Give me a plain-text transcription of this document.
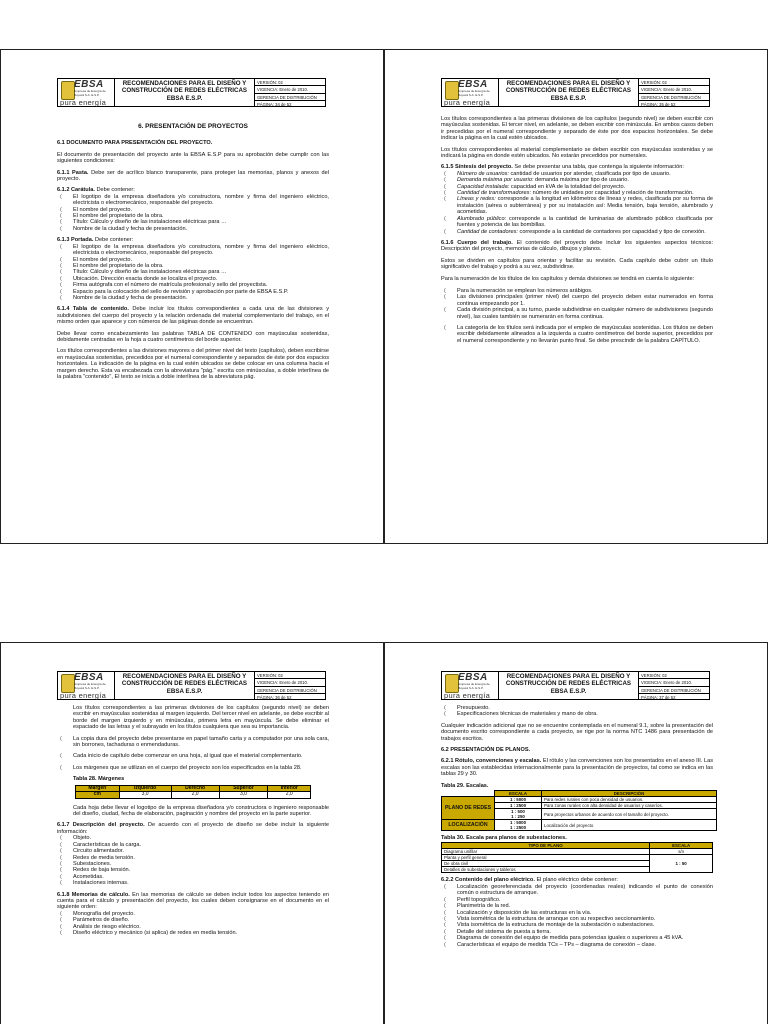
EBSA
Empresa de Energía de Boyacá S.A. E.S.P.
pura energía
RECOMENDACIONES PARA EL DISEÑO Y CONSTRUCCIÓN DE REDES ELÉCTRICAS EBSA E.S.P.
VERSIÓN: 02
VIGENCIA: Enero de 2010.
GERENCIA DE DISTRIBUCIÓN
PÁGINA: 34 de 52
6. PRESENTACIÓN DE PROYECTOS

6.1 DOCUMENTO PARA PRESENTACIÓN DEL PROYECTO.

El documento de presentación del proyecto ante la EBSA E.S.P para su aprobación debe cumplir con las siguientes condiciones:

6.1.1 Pasta. Debe ser de acrílico blanco transparente, para proteger las memorias, planos y anexos del proyecto.

6.1.2 Carátula. Debe contener:

( El logotipo de la empresa diseñadora y/o constructora, nombre y firma del ingeniero eléctrico, electricista o electromecánico, responsable del proyecto.
( El nombre del proyecto.
( El nombre del propietario de la obra.
( Título: Cálculo y diseño de las instalaciones eléctricas para …
( Nombre de la ciudad y fecha de presentación.

6.1.3 Portada. Debe contener:

( El logotipo de la empresa diseñadora y/o constructora, nombre y firma del ingeniero eléctrico, electricista o electromecánico, responsable del proyecto.
( El nombre del proyecto.
( El nombre del propietario de la obra.
( Título: Cálculo y diseño de las instalaciones eléctricas para …
( Ubicación. Dirección exacta donde se localiza el proyecto.
( Firma autógrafa con el número de matrícula profesional y sello del proyectista.
( Espacio para la colocación del sello de revisión y aprobación por parte de EBSA E.S.P.
( Nombre de la ciudad y fecha de presentación.

6.1.4 Tabla de contenido. Debe incluir los títulos correspondientes a cada una de las divisiones y subdivisiones del cuerpo del proyecto y la relación ordenada del material complementario del trabajo, en el mismo orden que aparece y con números de las páginas donde se encuentran.

Debe llevar como encabezamiento las palabras TABLA DE CONTENIDO con mayúsculas sostenidas, debidamente centradas en la hoja a cuatro centímetros del borde superior.

Los títulos correspondientes a las divisiones mayores o del primer nivel del texto (capítulos), deben escribirse en mayúsculas sostenidas, precedidos por el numeral correspondiente y separados de éste por dos espacios horizontales. La indicación de la página en la cual estén ubicados se debe colocar en una columna hacia el margen derecho. Esta va encabezada con la abreviatura "pág." escrita con minúsculas, a doble interlínea de la palabra "contenido", El texto se inicia a doble interlínea de la abreviatura pág.

EBSA
Empresa de Energía de Boyacá S.A. E.S.P.
pura energía
RECOMENDACIONES PARA EL DISEÑO Y CONSTRUCCIÓN DE REDES ELÉCTRICAS EBSA E.S.P.
VERSIÓN: 02
VIGENCIA: Enero de 2010.
GERENCIA DE DISTRIBUCIÓN
PÁGINA: 35 de 52

Los títulos correspondientes a las primeras divisiones de los capítulos (segundo nivel) se deben escribir con mayúsculas sostenidas. El tercer nivel, en adelante, se deben escribir con minúscula. En ambos casos deben ir precedidas por el numeral correspondiente y separado de éste por dos espacios horizontales. Se debe indicar la página en la cual estén ubicados.

Los títulos correspondientes al material complementario se deben escribir con mayúsculas sostenidas y se indicará la página en donde estén ubicados. No estarán precedidos por numerales.

6.1.5 Síntesis del proyecto. Se debe presentar una tabla, que contenga la siguiente información:

( Número de usuarios: cantidad de usuarios por atender, clasificada por tipo de usuario.
( Demanda máxima por usuario: demanda máxima por tipo de usuario.
( Capacidad instalada: capacidad en kVA de la totalidad del proyecto.
( Cantidad de transformadores: número de unidades por capacidad y relación de transformación.
( Líneas y redes: corresponde a la longitud en kilómetros de líneas y redes, clasificada por su forma de instalación (aérea o subterránea) y por su instalación así: Media tensión, baja tensión, alumbrado y acometidas.
( Alumbrado público: corresponde a la cantidad de luminarias de alumbrado público clasificada por fuentes y potencia de las bombillas.
( Cantidad de contadores: corresponde a la cantidad de contadores por capacidad y tipo de conexión.

6.1.6 Cuerpo del trabajo. El contenido del proyecto debe incluir los siguientes aspectos técnicos: Descripción del proyecto, memorias de cálculo, dibujos y planos.

Estos se dividen en capítulos para orientar y facilitar su revisión. Cada capítulo debe cubrir un título significativo del trabajo y podrá a su vez, subdividirse.

Para la numeración de los títulos de los capítulos y demás divisiones se tendrá en cuenta lo siguiente:

( Para la numeración se emplean los números arábigos.
( Las divisiones principales (primer nivel) del cuerpo del proyecto deben estar numerados en forma continua empezando por 1.
( Cada división principal, a su turno, puede subdividirse en cualquier número de subdivisiones (segundo nivel), las cuales también se numerarán en forma continua.
( La categoría de los títulos será indicada por el empleo de mayúsculas sostenidas. Los títulos se deben escribir debidamente alineados a la izquierda a cuatro centímetros del borde superior, precedidos por el numeral correspondiente y no llevarán punto final. Se debe prescindir de la palabra CAPÍTULO.
EBSA
Empresa de Energía de Boyacá S.A. E.S.P.
pura energía
RECOMENDACIONES PARA EL DISEÑO Y CONSTRUCCIÓN DE REDES ELÉCTRICAS EBSA E.S.P.
VERSIÓN: 02
VIGENCIA: Enero de 2010.
GERENCIA DE DISTRIBUCIÓN
PÁGINA: 36 de 52

Los títulos correspondientes a las primeras divisiones de los capítulos (segundo nivel) se deben escribir en mayúsculas sostenidas al margen izquierdo. Del tercer nivel en adelante, se debe escribir al borde del margen izquierdo y en minúsculas, primera letra en mayúscula. Se debe eliminar el espaciado de las letras y el subrayado en los títulos cualquiera que sea su importancia.

( La copia dura del proyecto debe presentarse en papel tamaño carta y a computador por una sola cara, sin borrones, tachaduras o enmendaduras.
( Cada inicio de capítulo debe comenzar en una hoja, al igual que el material complementario.
( Los márgenes que se utilizan en el cuerpo del proyecto son los especificados en la tabla 28.

Tabla 28. Márgenes

Margen	Izquierdo	Derecho	Superior	Inferior
cm	3,0	2,0	3,0	2,0

Cada hoja debe llevar el logotipo de la empresa diseñadora y/o constructora o ingeniero responsable del diseño, ciudad, fecha de elaboración, paginación y nombre del proyecto en la parte superior.

6.1.7 Descripción del proyecto. De acuerdo con el proyecto de diseño se debe incluir la siguiente información:

( Objeto.
( Características de la carga.
( Circuito alimentador.
( Redes de media tensión.
( Subestaciones.
( Redes de baja tensión.
( Acometidas.
( Instalaciones internas.

6.1.8 Memorias de cálculo. En las memorias de cálculo se deben incluir todos los aspectos teniendo en cuenta para el cálculo y presentación del proyecto, los cuales deben consignarse en el documento en el siguiente orden:

( Monografía del proyecto.
( Parámetros de diseño.
( Análisis de riesgo eléctrico.
( Diseño eléctrico y mecánico (si aplica) de redes en media tensión.
EBSA
Empresa de Energía de Boyacá S.A. E.S.P.
pura energía
RECOMENDACIONES PARA EL DISEÑO Y CONSTRUCCIÓN DE REDES ELÉCTRICAS EBSA E.S.P.
VERSIÓN: 02
VIGENCIA: Enero de 2010.
GERENCIA DE DISTRIBUCIÓN
PÁGINA: 37 de 52
( Presupuesto.
( Especificaciones técnicas de materiales y mano de obra.

Cualquier indicación adicional que no se encuentre contemplada en el numeral 9.1, sobre la presentación del documento escrito correspondiente a cada proyecto, se rige por la norma NTC 1486 para presentación de trabajos escritos.

6.2 PRESENTACIÓN DE PLANOS.

6.2.1 Rótulo, convenciones y escalas. El rótulo y las convenciones son los presentados en el anexo III. Las escalas son las establecidas internacionalmente para la presentación de proyectos, tal como se indica en las tablas 29 y 30.

Tabla 29. Escalas.

	ESCALA	DESCRIPCIÓN
PLANO DE REDES	1 : 5000	Para redes rurales con poca densidad de usuarios.
	1 : 2500	Para zonas rurales con alta densidad de usuarios y caseríos.
	1 : 500
1 : 250	Para proyectos urbanos de acuerdo con el tamaño del proyecto.
LOCALIZACIÓN	1 : 5000
1 : 2500	Localización del proyecto

Tabla 30. Escala para planos de subestaciones.

TIPO DE PLANO	ESCALA
Diagrama unifilar	s/n
Planta y perfil general	1 : 50
De obra civil	
Detalles de subestaciones y tableros	

6.2.2 Contenido del plano eléctrico. El plano eléctrico debe contener:

( Localización georeferenciada del proyecto (coordenadas reales) indicando el punto de conexión común o estructura de arranque.
( Perfil topográfico.
( Planimetría de la red.
( Localización y disposición de las estructuras en la vía.
( Vista isométrica de la estructura de arranque con su respectivo seccionamiento.
( Vista isométrica de la estructura de montaje de la subestación o subestaciones.
( Detalle del sistema de puesta a tierra.
( Diagrama de conexión del equipo de medida para potencias iguales o superiores a 45 kVA.
( Características el equipo de medida TCs – TPs – diagrama de conexión – clase.
